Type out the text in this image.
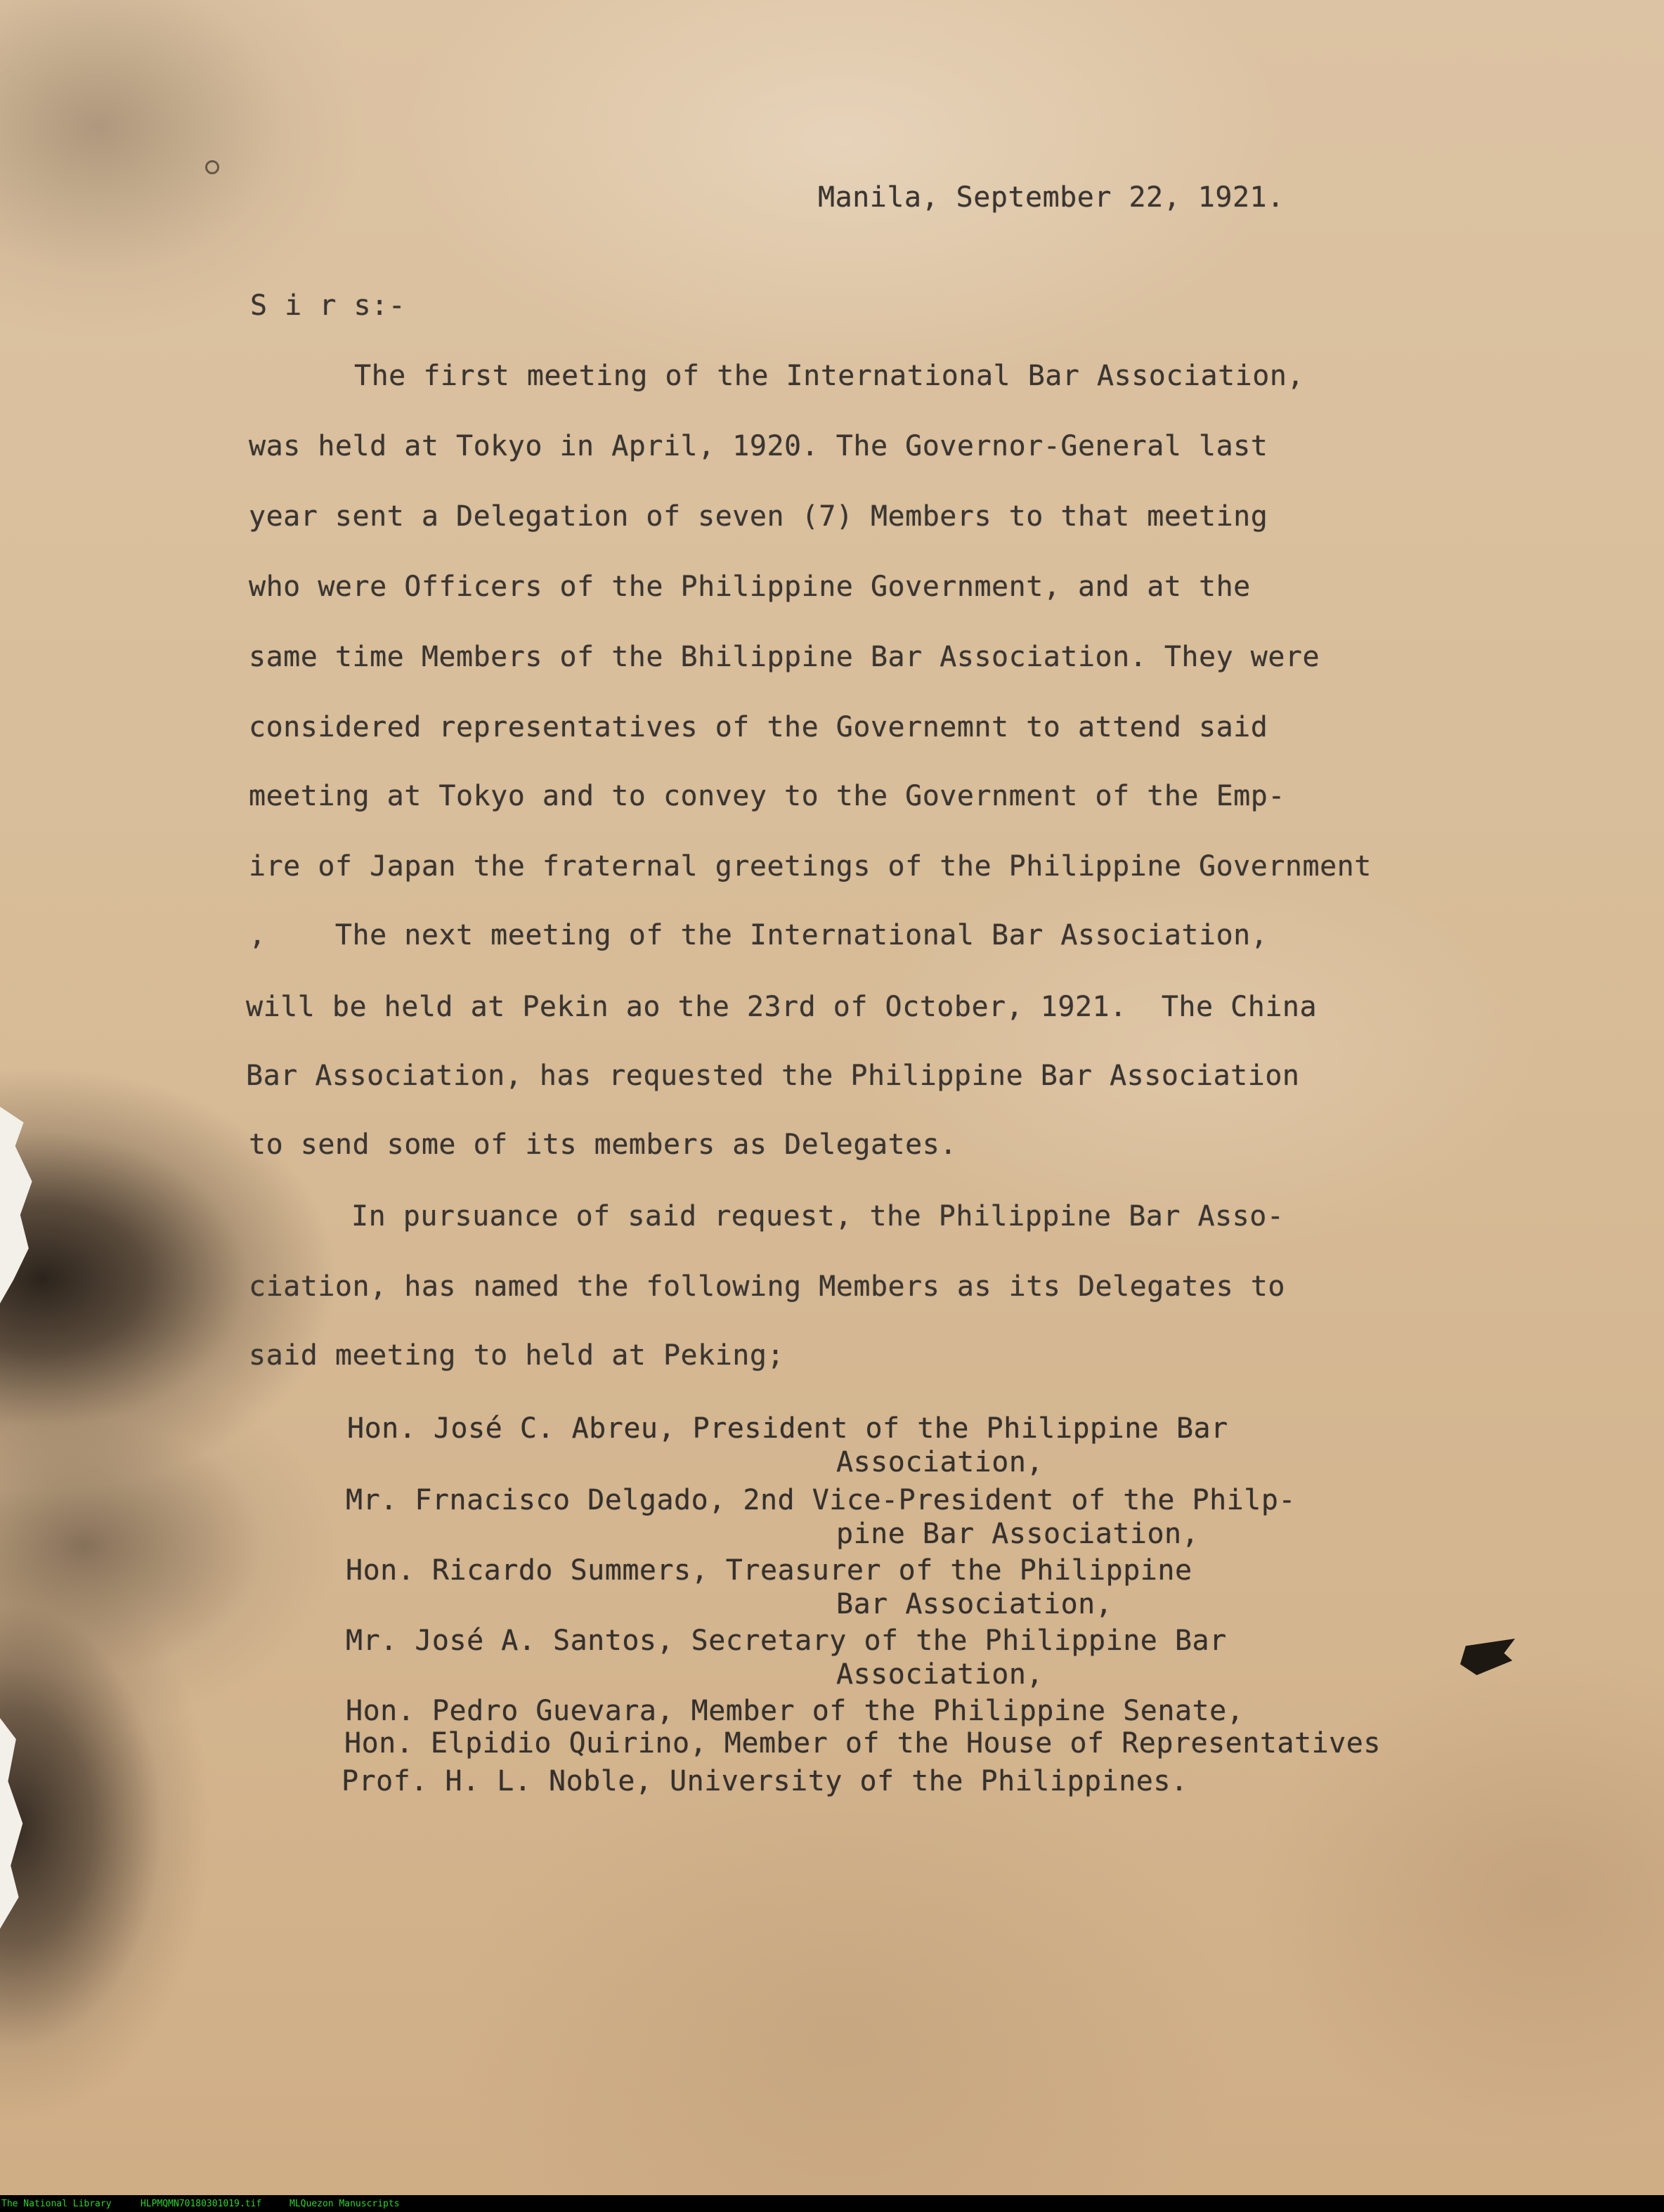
Manila, September 22, 1921.
S i r s:-
The first meeting of the International Bar Association,
was held at Tokyo in April, 1920. The Governor-General last
year sent a Delegation of seven (7) Members to that meeting
who were Officers of the Philippine Government, and at the
same time Members of the Bhilippine Bar Association. They were
considered representatives of the Governemnt to attend said
meeting at Tokyo and to convey to the Government of the Emp-
ire of Japan the fraternal greetings of the Philippine Government
,    The next meeting of the International Bar Association,
will be held at Pekin ao the 23rd of October, 1921.  The China
Bar Association, has requested the Philippine Bar Association
to send some of its members as Delegates.
In pursuance of said request, the Philippine Bar Asso-
ciation, has named the following Members as its Delegates to
said meeting to held at Peking;
Hon. José C. Abreu, President of the Philippine Bar
Association,
Mr. Frnacisco Delgado, 2nd Vice-President of the Philp-
pine Bar Association,
Hon. Ricardo Summers, Treasurer of the Philippine
Bar Association,
Mr. José A. Santos, Secretary of the Philippine Bar
Association,
Hon. Pedro Guevara, Member of the Philippine Senate,
Hon. Elpidio Quirino, Member of the House of Representatives
Prof. H. L. Noble, University of the Philippines.
The National Library	HLPMQMN70180301019.tif	MLQuezon Manuscripts
